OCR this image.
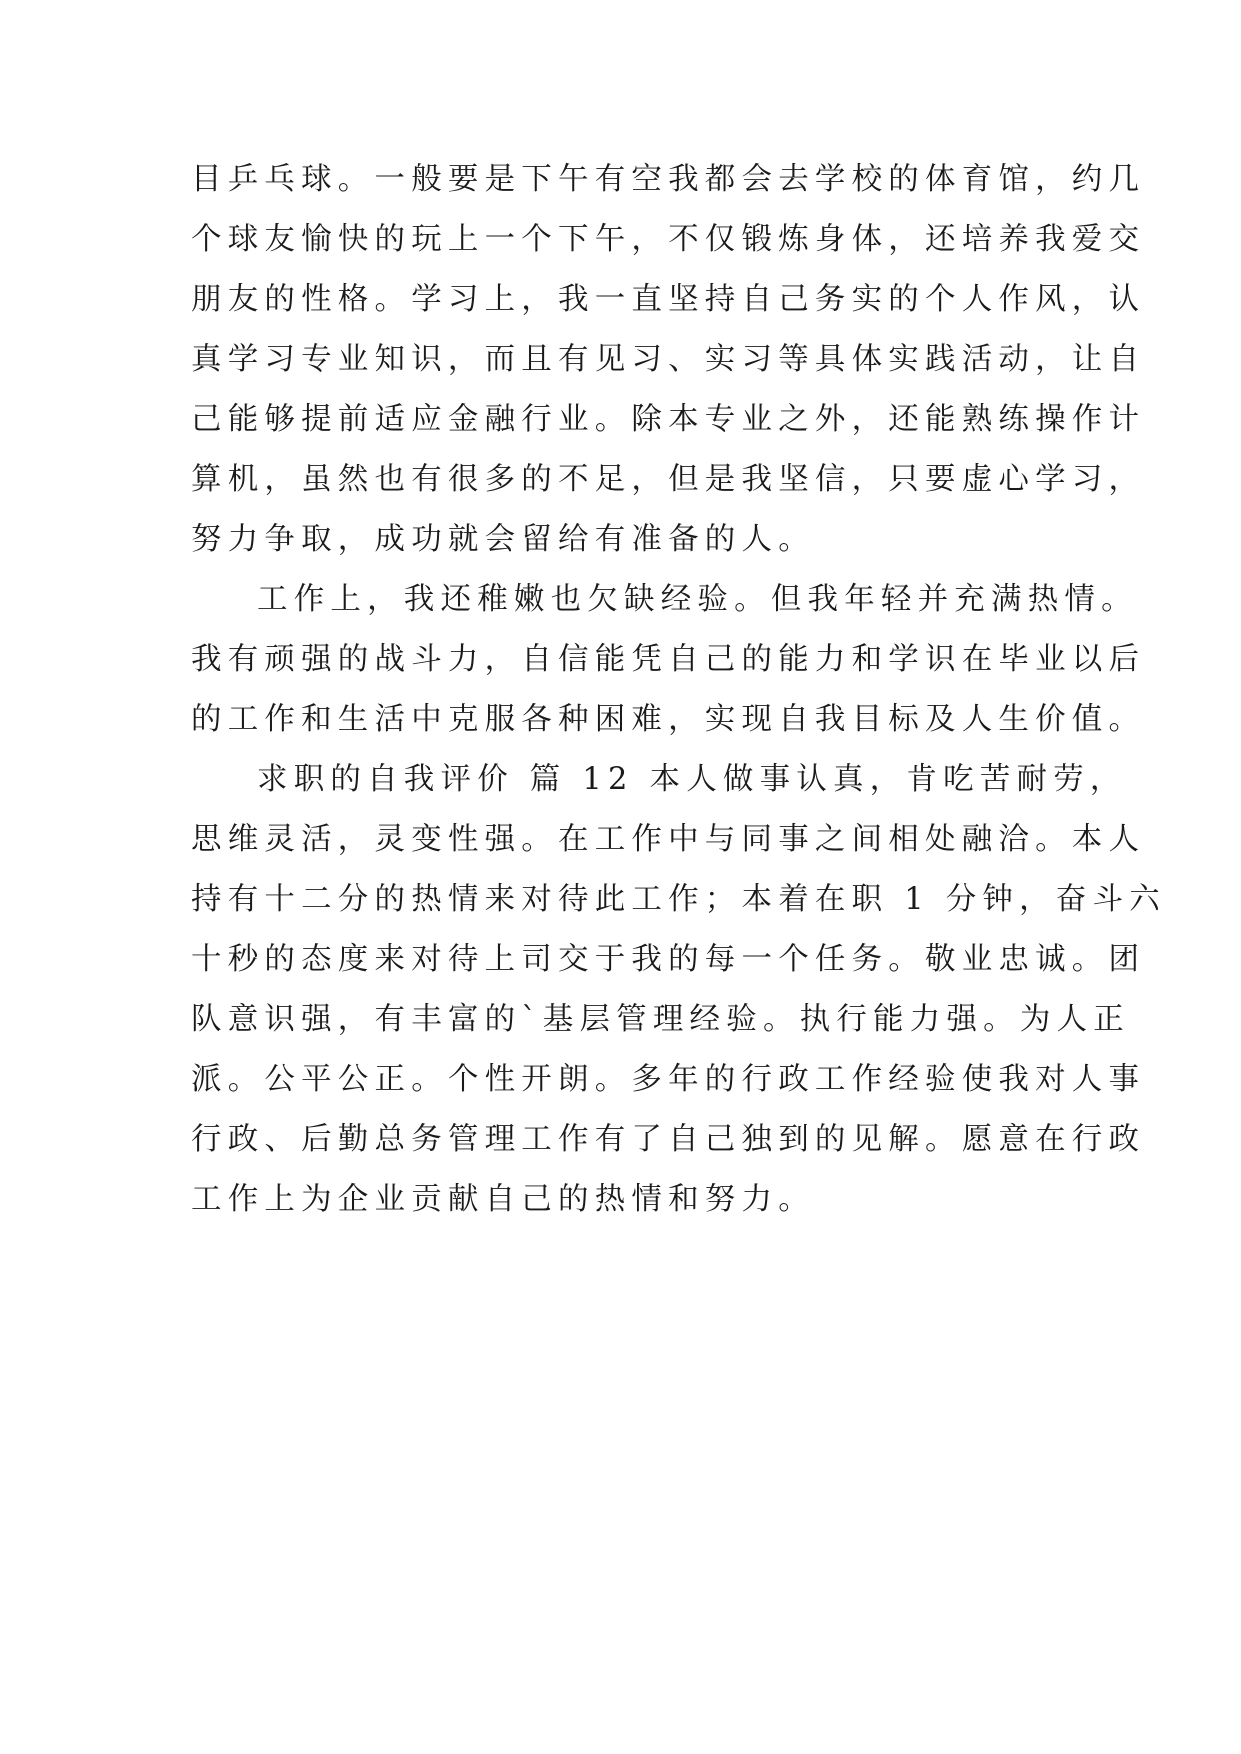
目乒乓球。一般要是下午有空我都会去学校的体育馆，约几
个球友愉快的玩上一个下午，不仅锻炼身体，还培养我爱交
朋友的性格。学习上，我一直坚持自己务实的个人作风，认
真学习专业知识，而且有见习、实习等具体实践活动，让自
己能够提前适应金融行业。除本专业之外，还能熟练操作计
算机，虽然也有很多的不足，但是我坚信，只要虚心学习，
努力争取，成功就会留给有准备的人。
工作上，我还稚嫩也欠缺经验。但我年轻并充满热情。
我有顽强的战斗力，自信能凭自己的能力和学识在毕业以后
的工作和生活中克服各种困难，实现自我目标及人生价值。
求职的自我评价 篇 12 本人做事认真，肯吃苦耐劳，
思维灵活，灵变性强。在工作中与同事之间相处融洽。本人
持有十二分的热情来对待此工作；本着在职 1 分钟，奋斗六
十秒的态度来对待上司交于我的每一个任务。敬业忠诚。团
队意识强，有丰富的`基层管理经验。执行能力强。为人正
派。公平公正。个性开朗。多年的行政工作经验使我对人事
行政、后勤总务管理工作有了自己独到的见解。愿意在行政
工作上为企业贡献自己的热情和努力。
